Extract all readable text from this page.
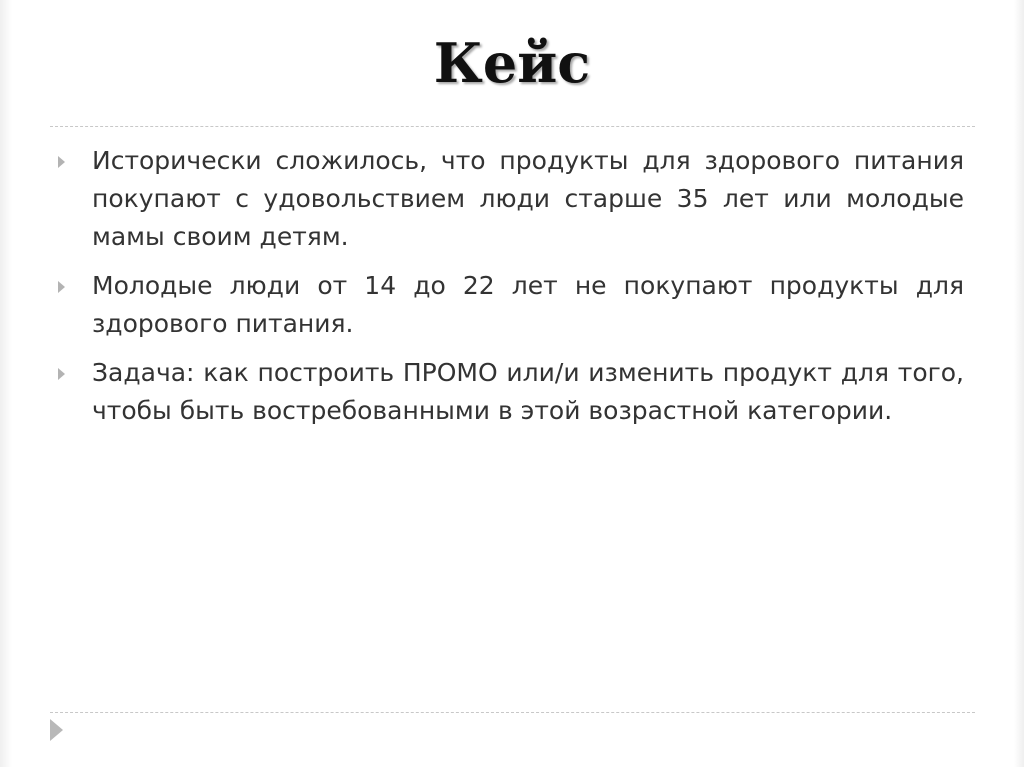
Кейс
Исторически сложилось, что продукты для здорового питания покупают с удовольствием люди старше 35 лет или молодые мамы своим детям.
Молодые люди от 14 до 22 лет не покупают продукты для здорового питания.
Задача: как построить ПРОМО или/и изменить продукт для того, чтобы быть востребованными в этой возрастной категории.
